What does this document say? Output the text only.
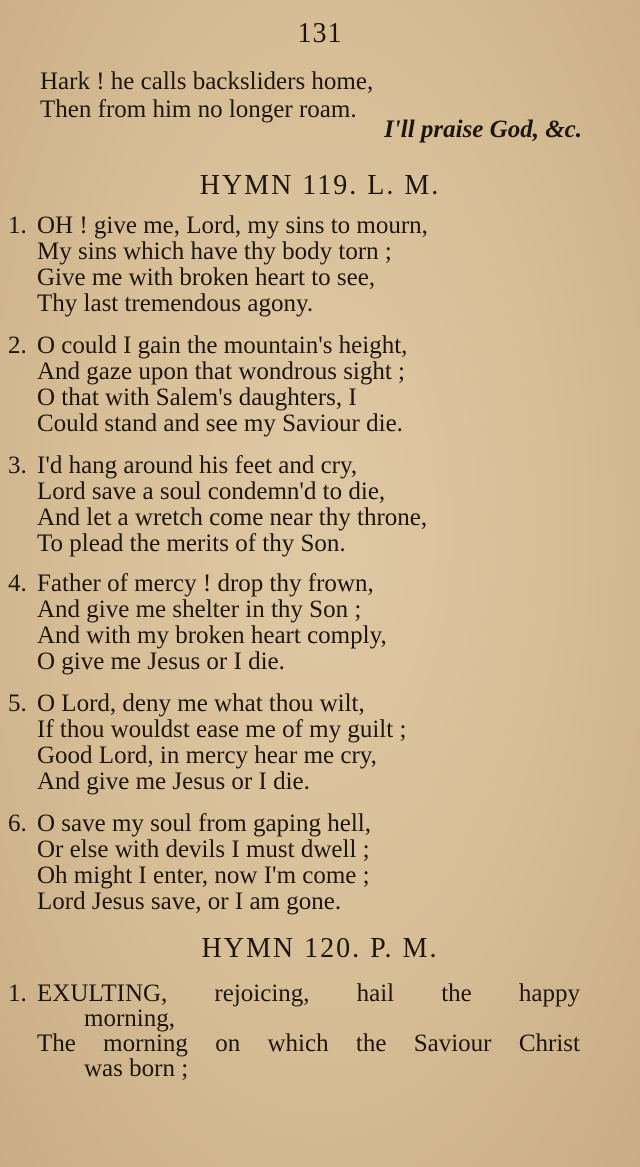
131
Hark ! he calls backsliders home,
Then from him no longer roam.
I'll praise God, &c.
HYMN 119. L. M.
1. OH ! give me, Lord, my sins to mourn,
My sins which have thy body torn ;
Give me with broken heart to see,
Thy last tremendous agony.
2. O could I gain the mountain's height,
And gaze upon that wondrous sight ;
O that with Salem's daughters, I
Could stand and see my Saviour die.
3. I'd hang around his feet and cry,
Lord save a soul condemn'd to die,
And let a wretch come near thy throne,
To plead the merits of thy Son.
4. Father of mercy ! drop thy frown,
And give me shelter in thy Son ;
And with my broken heart comply,
O give me Jesus or I die.
5. O Lord, deny me what thou wilt,
If thou wouldst ease me of my guilt ;
Good Lord, in mercy hear me cry,
And give me Jesus or I die.
6. O save my soul from gaping hell,
Or else with devils I must dwell ;
Oh might I enter, now I'm come ;
Lord Jesus save, or I am gone.
HYMN 120. P. M.
1. EXULTING, rejoicing, hail the happy
morning,
The morning on which the Saviour Christ
was born ;
